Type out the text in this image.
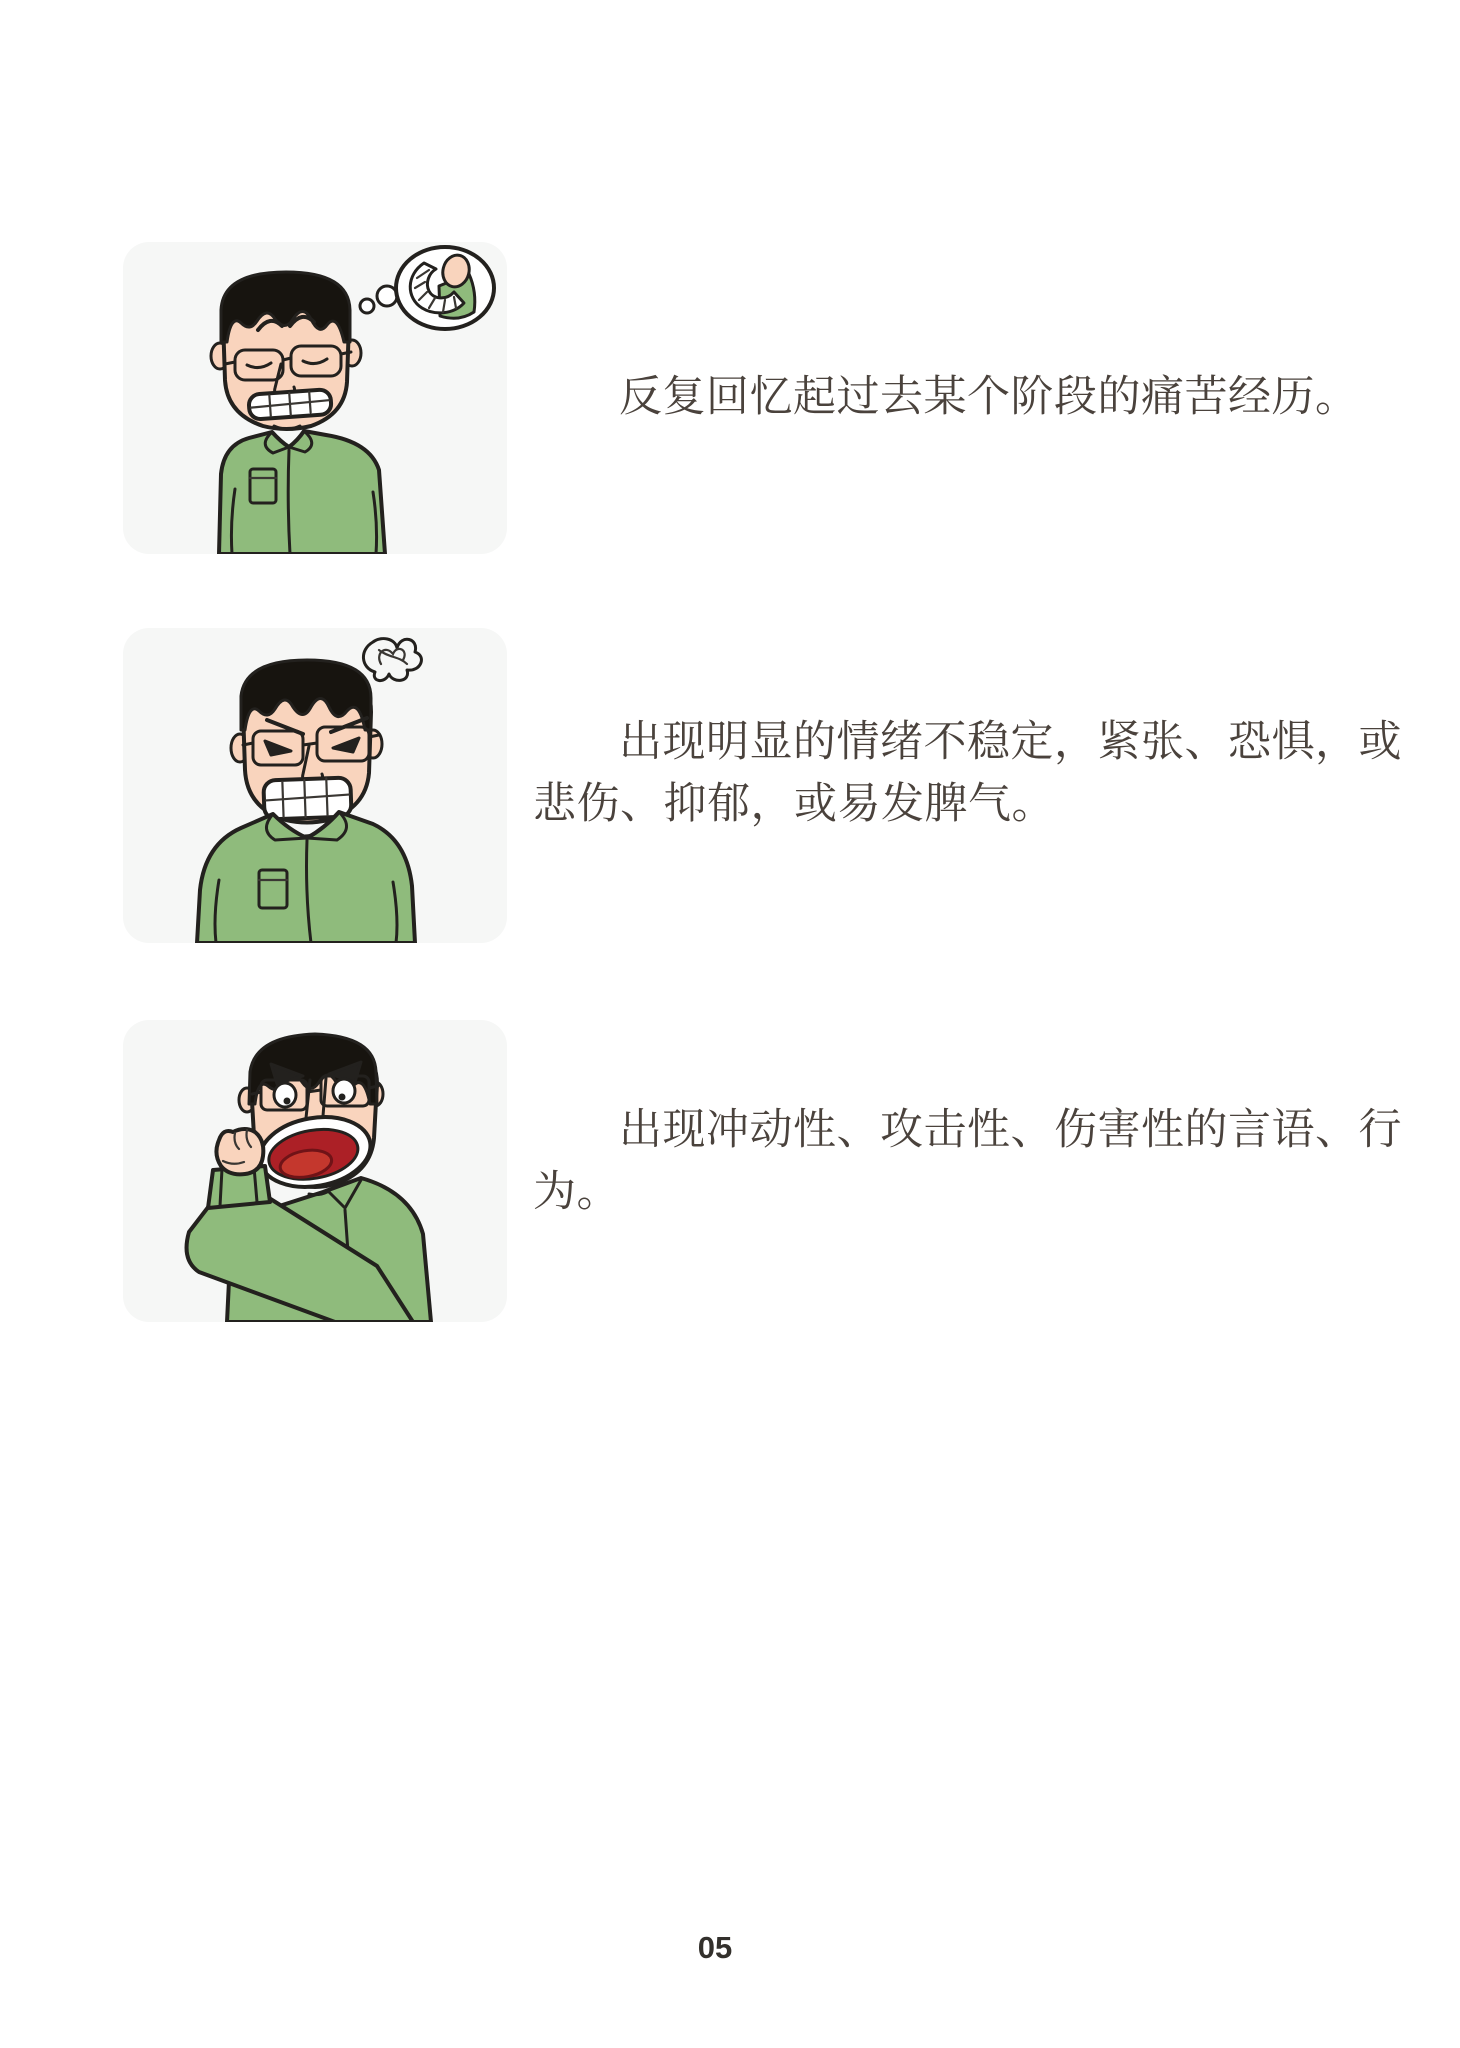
反复回忆起过去某个阶段的痛苦经历。
出现明显的情绪不稳定，紧张、恐惧，或
悲伤、抑郁，或易发脾气。
出现冲动性、攻击性、伤害性的言语、行
为。
05
